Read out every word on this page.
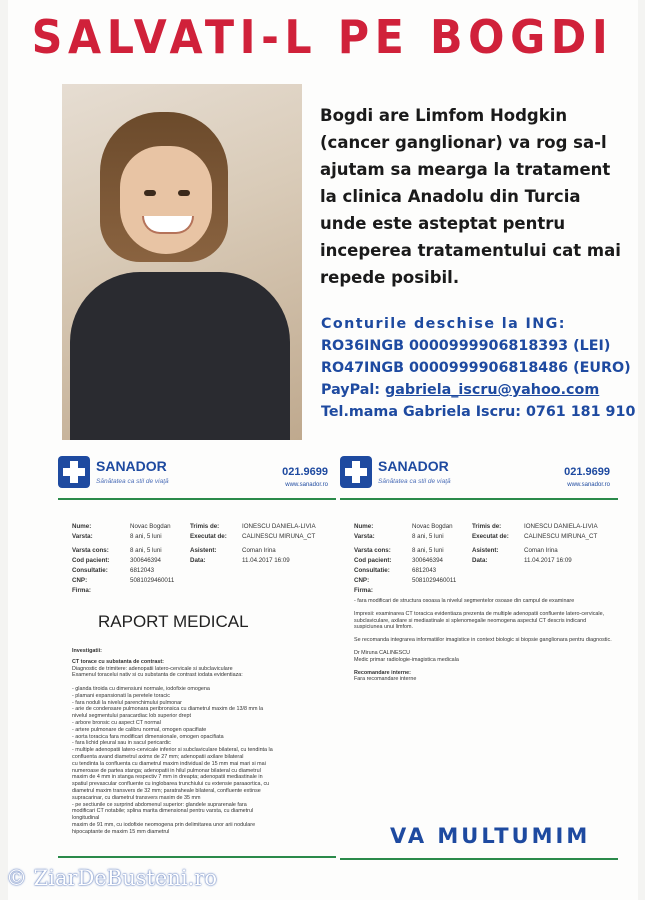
SALVATI-L PE BOGDI
Bogdi are Limfom Hodgkin
(cancer ganglionar) va rog sa-l
ajutam sa mearga la tratament
la clinica Anadolu din Turcia
unde este asteptat pentru
inceperea tratamentului cat mai
repede posibil.
Conturile deschise la ING:
RO36INGB 0000999906818393 (LEI)
RO47INGB 0000999906818486 (EURO)
PayPal: gabriela_iscru@yahoo.com
Tel.mama Gabriela Iscru: 0761 181 910
SANADOR
Sănătatea ca stil de viaţă
021.9699
www.sanador.ro
Nume:	Novac Bogdan	Trimis de:	IONESCU DANIELA-LIVIA
Varsta:	8 ani, 5 luni	Executat de: CALINESCU MIRUNA_CT
Varsta cons:	8 ani, 5 luni	Asistent:	Coman Irina
Cod pacient:	300646394	Data:	11.04.2017 16:09
Consultatie:	6812043
CNP:	5081029460011
Firma:
RAPORT MEDICAL
Investigatii:
CT torace cu substanta de contrast:
Diagnostic de trimitere: adenopatii latero-cervicale si subclaviculare
Examenul toracelui nativ si cu substanta de contrast iodata evidentiaza:
- glanda tiroida cu dimensiuni normale, iodofixie omogena
- plamani expansionati la peretele toracic
- fara noduli la nivelul parenchimului pulmonar
- arie de condensare pulmonara peribronsica cu diametrul maxim de 13/8 mm la
nivelul segmentului paracardiac lob superior drept
- arbore bronsic cu aspect CT normal
- artere pulmonare de calibru normal, omogen opacifiate
- aorta toracica fara modificari dimensionale, omogen opacifiata
- fara lichid pleural sau in sacul pericardic
- multiple adenopatii latero-cervicale inferior si subclaviculare bilateral, cu tendinta la
confluenta avand diametrul aximx de 27 mm; adenopatii axilare bilateral
cu tendinta la confluenta cu diametrul maxim individual de 15 mm mai mari si mai
numeroase de partea stanga; adenopatii in hilul pulmonar bilateral cu diametrul
maxim de 4 mm in stanga respectiv 7 mm in dreapta; adenopatii mediastinale in
spatiul prevascular confluente cu inglobarea trunchiului cu extensie paraaortica, cu
diametrul maxim transvers de 32 mm; paratraheale bilateral, confluente extinse
supracarinar, cu diametrul transvers maxim de 35 mm
- pe sectiunile ce surprind abdomenul superior: glandele suprarenale fara
modificari CT notabile; splina marita dimensional pentru varsta, cu diametrul
longitudinal
maxim de 91 mm, cu iodofixie neomogena prin delimitarea unor arii nodulare
hipocaptante de maxim 15 mm diametrul
SANADOR
Sănătatea ca stil de viaţă
021.9699
www.sanador.ro
Nume:	Novac Bogdan	Trimis de:	IONESCU DANIELA-LIVIA
Varsta:	8 ani, 5 luni	Executat de: CALINESCU MIRUNA_CT
Varsta cons:	8 ani, 5 luni	Asistent:	Coman Irina
Cod pacient:	300646394	Data:	11.04.2017 16:09
Consultatie:	6812043
CNP:	5081029460011
Firma:

- fara modificari de structura osoasa la nivelul segmentelor osoase din campul de examinare

Impresii: examinarea CT toracica evidentiaza prezenta de multiple adenopatii confluente latero-cervicale, subclaviculare, axilare si mediastinale si splenomegalie neomogena aspectul CT descris indicand suspiciunea unui limfom.

Se recomanda integrarea informatiilor imagistice in context biologic si biopsie ganglionara pentru diagnostic.

Dr Miruna CALINESCU

Medic primar radiologie-imagistica medicala

Recomandare interne:
Fara recomandare interne
VA MULTUMIM
© ZiarDeBusteni.ro
